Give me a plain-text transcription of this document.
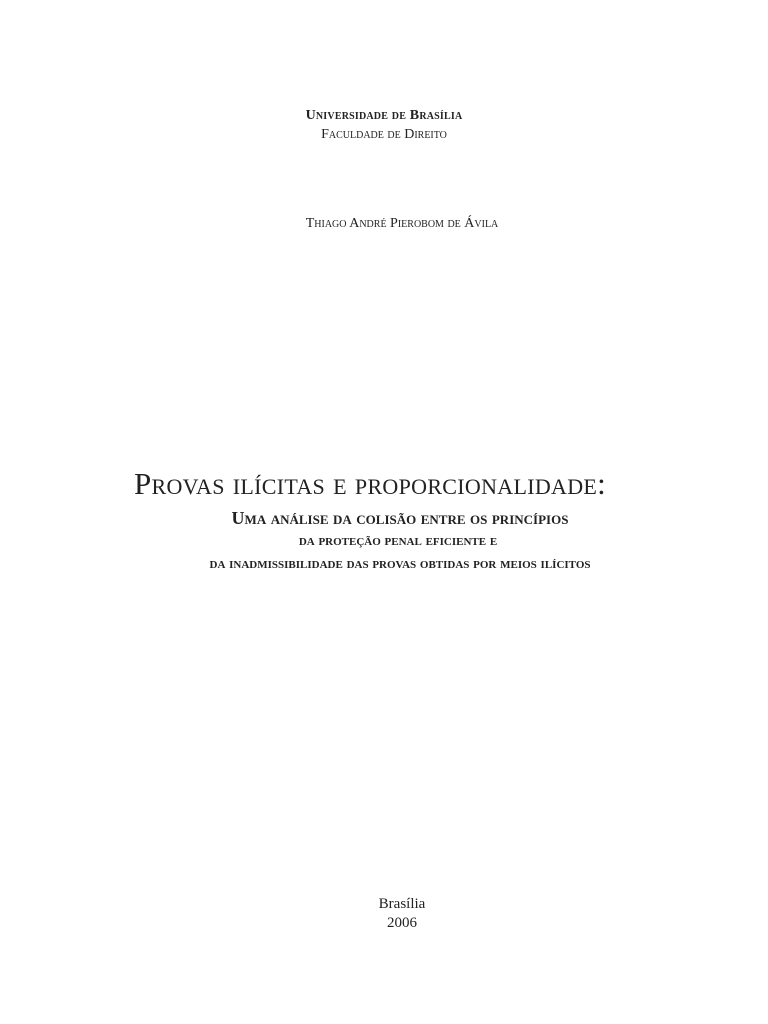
Universidade de Brasília
Faculdade de Direito
Thiago André Pierobom de Ávila
Provas ilícitas e proporcionalidade:
Uma análise da colisão entre os princípios
da proteção penal eficiente e
da inadmissibilidade das provas obtidas por meios ilícitos
Brasília
2006
